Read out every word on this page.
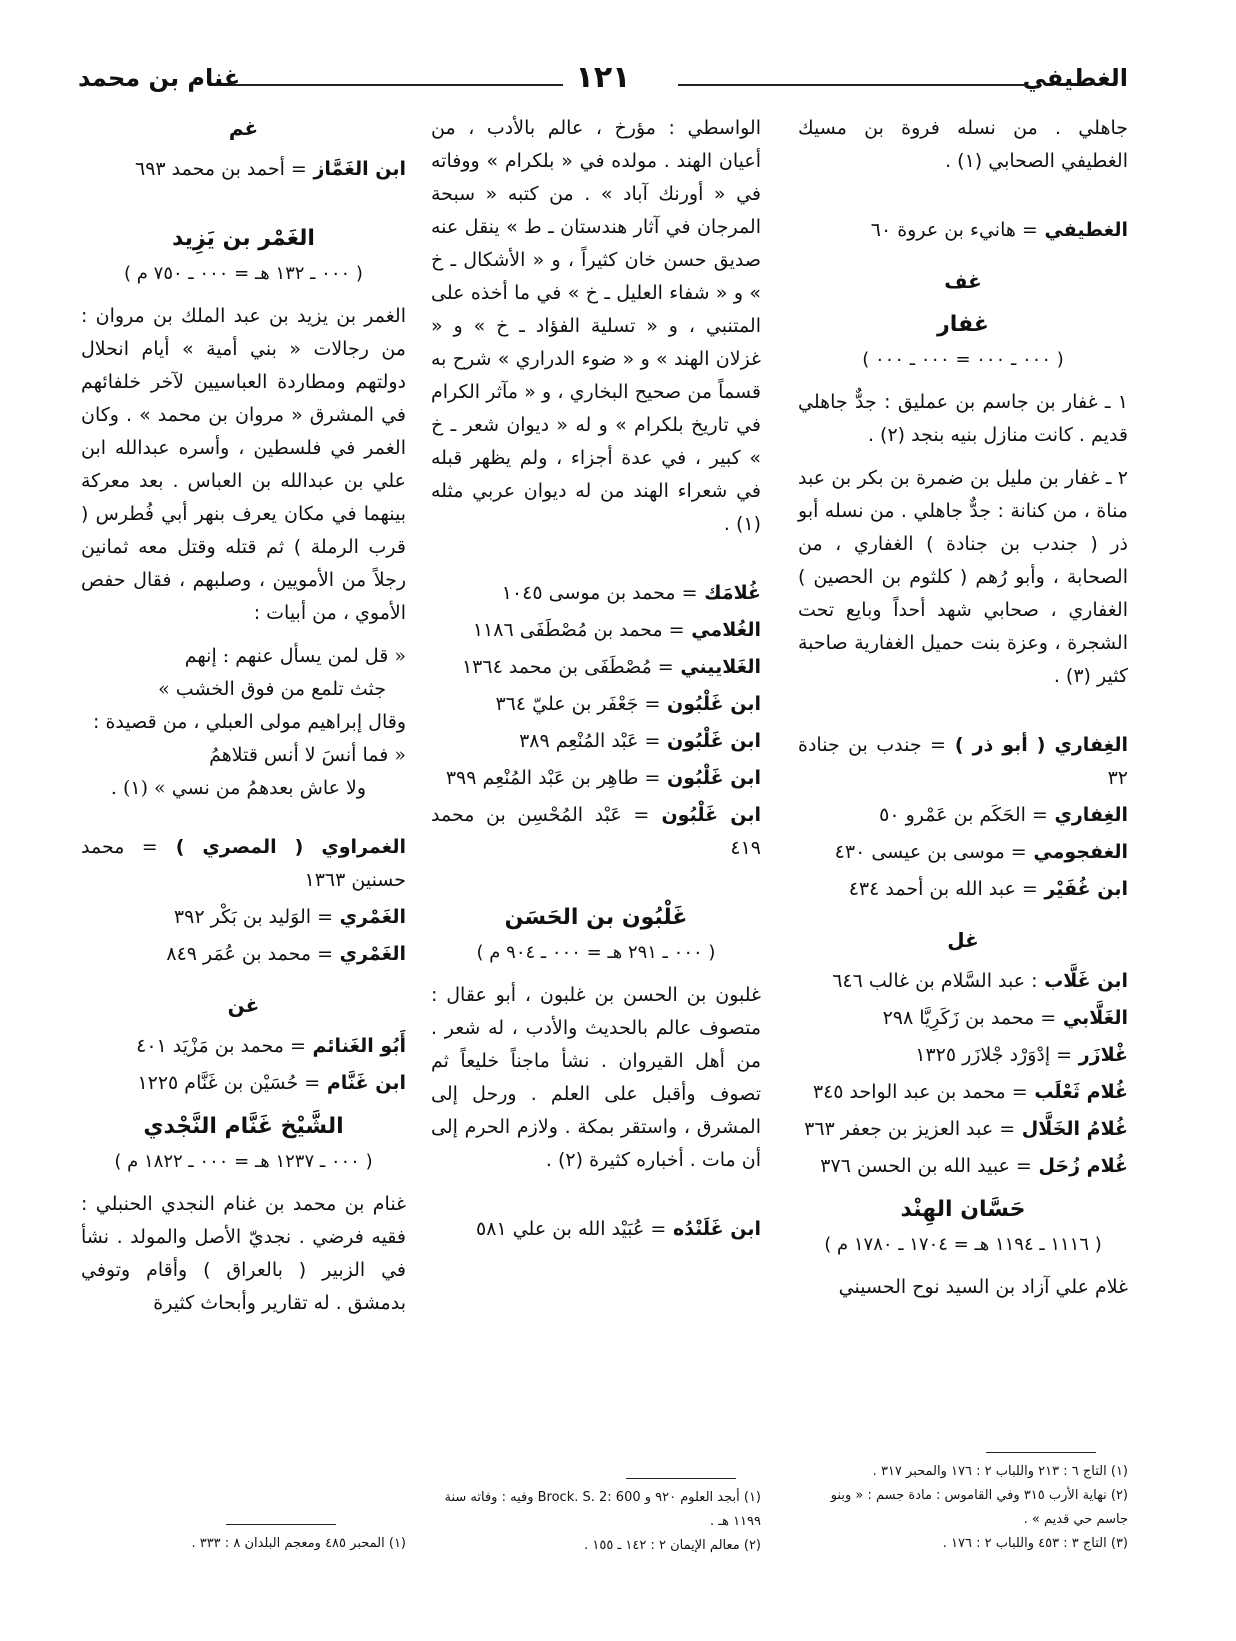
الغطيفي
١٢١
غنام بن محمد
جاهلي . من نسله فروة بن مسيك الغطيفي الصحابي (١) .
الغطيفي = هانيء بن عروة ٦٠
غف
غفار
( ٠٠٠ ـ ٠٠٠ = ٠٠٠ ـ ٠٠٠ )
١ ـ غفار بن جاسم بن عمليق : جدٌّ جاهلي قديم . كانت منازل بنيه بنجد (٢) .
٢ ـ غفار بن مليل بن ضمرة بن بكر بن عبد مناة ، من كنانة : جدٌّ جاهلي . من نسله أبو ذر ( جندب بن جنادة ) الغفاري ، من الصحابة ، وأبو رُهم ( كلثوم بن الحصين ) الغفاري ، صحابي شهد أحداً وبايع تحت الشجرة ، وعزة بنت حميل الغفارية صاحبة كثير (٣) .
الغِفاري ( أبو ذر ) = جندب بن جنادة ٣٢
الغِفاري = الحَكَم بن عَمْرو ٥٠
الغفجومي = موسى بن عيسى ٤٣٠
ابن غُفَيْر = عبد الله بن أحمد ٤٣٤
غل
ابن غَلَّاب : عبد السَّلام بن غالب ٦٤٦
الغَلَّابي = محمد بن زَكَرِيَّا ٢٩٨
غْلازَر = إدْوَرْد جْلازَر ١٣٢٥
غُلام ثَعْلَب = محمد بن عبد الواحد ٣٤٥
غُلامُ الخَلَّال = عبد العزيز بن جعفر ٣٦٣
غُلام زُحَل = عبيد الله بن الحسن ٣٧٦
حَسَّان الهِنْد
( ١١١٦ ـ ١١٩٤ هـ = ١٧٠٤ ـ ١٧٨٠ م )
غلام علي آزاد بن السيد نوح الحسيني
الواسطي : مؤرخ ، عالم بالأدب ، من أعيان الهند . مولده في « بلكرام » ووفاته في « أورنك آباد » . من كتبه « سبحة المرجان في آثار هندستان ـ ط » ينقل عنه صديق حسن خان كثيراً ، و « الأشكال ـ خ » و « شفاء العليل ـ خ » في ما أخذه على المتنبي ، و « تسلية الفؤاد ـ خ » و « غزلان الهند » و « ضوء الدراري » شرح به قسماً من صحيح البخاري ، و « مآثر الكرام في تاريخ بلكرام » و له « ديوان شعر ـ خ » كبير ، في عدة أجزاء ، ولم يظهر قبله في شعراء الهند من له ديوان عربي مثله (١) .
غُلامَك = محمد بن موسى ١٠٤٥
الغُلامي = محمد بن مُصْطَفَى ١١٨٦
الغَلاييني = مُصْطَفَى بن محمد ١٣٦٤
ابن غَلْبُون = جَعْفَر بن عليّ ٣٦٤
ابن غَلْبُون = عَبْد المُنْعِم ٣٨٩
ابن غَلْبُون = طاهِر بن عَبْد المُنْعِم ٣٩٩
ابن غَلْبُون = عَبْد المُحْسِن بن محمد ٤١٩
غَلْبُون بن الحَسَن
( ٠٠٠ ـ ٢٩١ هـ = ٠٠٠ ـ ٩٠٤ م )
غلبون بن الحسن بن غلبون ، أبو عقال : متصوف عالم بالحديث والأدب ، له شعر . من أهل القيروان . نشأ ماجناً خليعاً ثم تصوف وأقبل على العلم . ورحل إلى المشرق ، واستقر بمكة . ولازم الحرم إلى أن مات . أخباره كثيرة (٢) .
ابن غَلَنْدُه = عُبَيْد الله بن علي ٥٨١
غم
ابن الغَمَّاز = أحمد بن محمد ٦٩٣
الغَمْر بن يَزِيد
( ٠٠٠ ـ ١٣٢ هـ = ٠٠٠ ـ ٧٥٠ م )
الغمر بن يزيد بن عبد الملك بن مروان : من رجالات « بني أمية » أيام انحلال دولتهم ومطاردة العباسيين لآخر خلفائهم في المشرق « مروان بن محمد » . وكان الغمر في فلسطين ، وأسره عبدالله ابن علي بن عبدالله بن العباس . بعد معركة بينهما في مكان يعرف بنهر أبي فُطرس ( قرب الرملة ) ثم قتله وقتل معه ثمانين رجلاً من الأمويين ، وصلبهم ، فقال حفص الأموي ، من أبيات :
« قل لمن يسأل عنهم : إنهم
جثث تلمع من فوق الخشب »
وقال إبراهيم مولى العبلي ، من قصيدة :
« فما أنسَ لا أنس قتلاهمُ
ولا عاش بعدهمُ من نسي » (١) .
الغمراوي ( المصري ) = محمد حسنين ١٣٦٣
الغَمْري = الوَليد بن بَكْر ٣٩٢
الغَمْري = محمد بن عُمَر ٨٤٩
غن
أَبُو الغَنائم = محمد بن مَزْيَد ٤٠١
ابن غَنَّام = حُسَيْن بن غَنَّام ١٢٢٥
الشَّيْخ غَنَّام النَّجْدي
( ٠٠٠ ـ ١٢٣٧ هـ = ٠٠٠ ـ ١٨٢٢ م )
غنام بن محمد بن غنام النجدي الحنبلي : فقيه فرضي . نجديّ الأصل والمولد . نشأ في الزبير ( بالعراق ) وأقام وتوفي بدمشق . له تقارير وأبحاث كثيرة
(١) التاج ٦ : ٢١٣ واللباب ٢ : ١٧٦ والمحبر ٣١٧ .
(٢) نهاية الأرب ٣١٥ وفي القاموس : مادة جسم : « وبنو جاسم حي قديم » .
(٣) التاج ٣ : ٤٥٣ واللباب ٢ : ١٧٦ .
(١) أبجد العلوم ٩٢٠ و Brock. S. 2: 600 وفيه : وفاته سنة ١١٩٩ هـ .
(٢) معالم الإيمان ٢ : ١٤٢ ـ ١٥٥ .
(١) المحبر ٤٨٥ ومعجم البلدان ٨ : ٣٣٣ .
